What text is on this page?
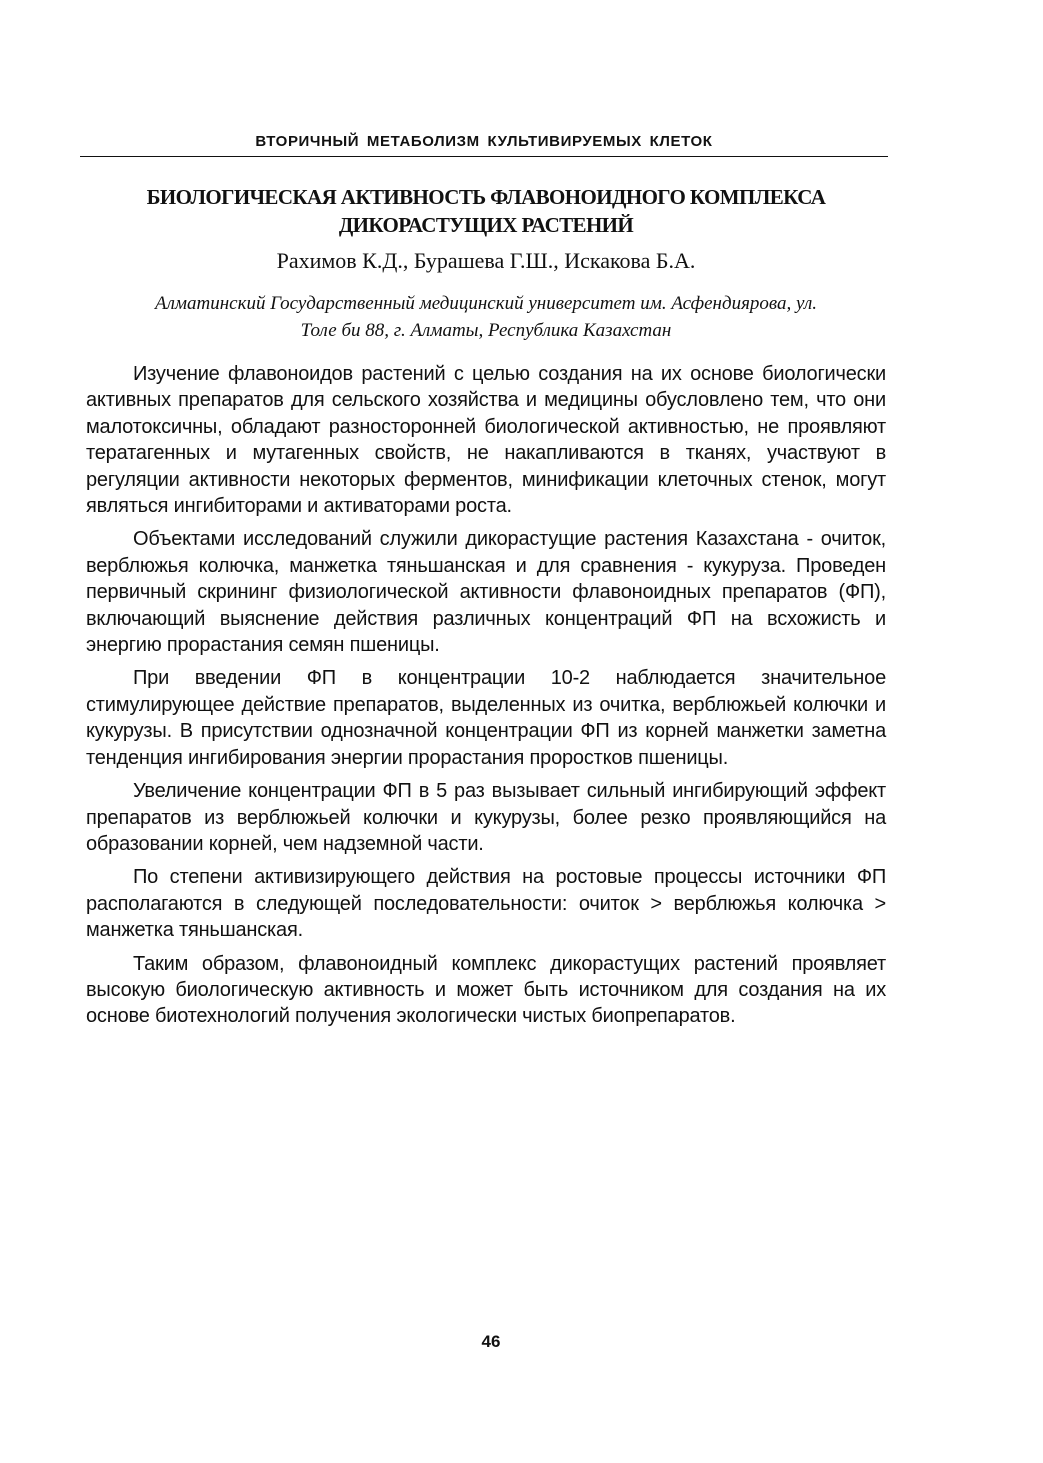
ВТОРИЧНЫЙ МЕТАБОЛИЗМ КУЛЬТИВИРУЕМЫХ КЛЕТОК
БИОЛОГИЧЕСКАЯ АКТИВНОСТЬ ФЛАВОНОИДНОГО КОМПЛЕКСА
ДИКОРАСТУЩИХ РАСТЕНИЙ
Рахимов К.Д., Бурашева Г.Ш., Искакова Б.А.
Алматинский Государственный медицинский университет им. Асфендиярова, ул.
Толе би 88, г. Алматы, Республика Казахстан

Изучение флавоноидов растений с целью создания на их основе биологически активных препаратов для сельского хозяйства и медицины обусловлено тем, что они малотоксичны, обладают разносторонней биологической активностью, не проявляют тератагенных и мутагенных свойств, не накапливаются в тканях, участвуют в регуляции активности некоторых ферментов, минификации клеточных стенок, могут являться ингибиторами и активаторами роста.

Объектами исследований служили дикорастущие растения Казахстана - очиток, верблюжья колючка, манжетка тяньшанская и для сравнения - кукуруза. Проведен первичный скрининг физиологической активности флавоноидных препаратов (ФП), включающий выяснение действия различных концентраций ФП на всхожисть и энергию прорастания семян пшеницы.

При введении ФП в концентрации 10-2 наблюдается значительное стимулирующее действие препаратов, выделенных из очитка, верблюжьей колючки и кукурузы. В присутствии однозначной концентрации ФП из корней манжетки заметна тенденция ингибирования энергии прорастания проростков пшеницы.

Увеличение концентрации ФП в 5 раз вызывает сильный ингибирующий эффект препаратов из верблюжьей колючки и кукурузы, более резко проявляющийся на образовании корней, чем надземной части.

По степени активизирующего действия на ростовые процессы источники ФП располагаются в следующей последовательности: очиток > верблюжья колючка > манжетка тяньшанская.

Таким образом, флавоноидный комплекс дикорастущих растений проявляет высокую биологическую активность и может быть источником для создания на их основе биотехнологий получения экологически чистых биопрепаратов.

46
